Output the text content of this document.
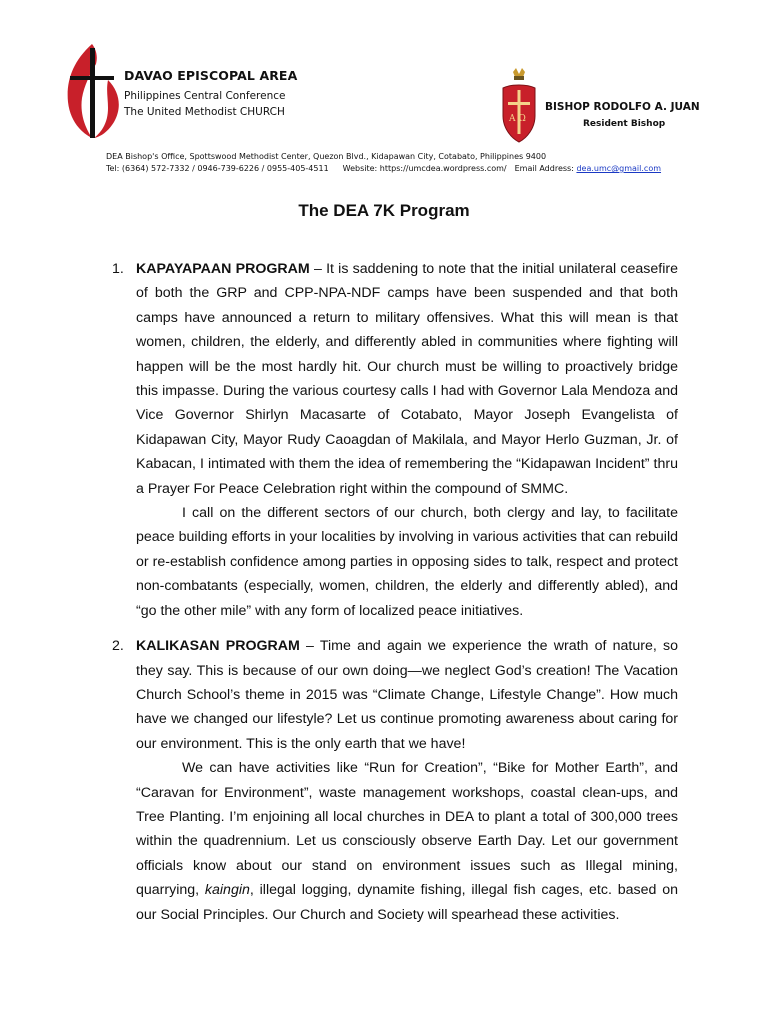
DAVAO EPISCOPAL AREA
Philippines Central Conference
The United Methodist CHURCH
A Ω
BISHOP RODOLFO A. JUAN
Resident Bishop
DEA Bishop's Office, Spottswood Methodist Center, Quezon Blvd., Kidapawan City, Cotabato, Philippines 9400
Tel: (6364) 572-7332 / 0946-739-6226 / 0955-405-4511 Website: https://umcdea.wordpress.com/ Email Address: dea.umc@gmail.com
The DEA 7K Program
1. KAPAYAPAAN PROGRAM – It is saddening to note that the initial unilateral ceasefire of both the GRP and CPP-NPA-NDF camps have been suspended and that both camps have announced a return to military offensives. What this will mean is that women, children, the elderly, and differently abled in communities where fighting will happen will be the most hardly hit. Our church must be willing to proactively bridge this impasse. During the various courtesy calls I had with Governor Lala Mendoza and Vice Governor Shirlyn Macasarte of Cotabato, Mayor Joseph Evangelista of Kidapawan City, Mayor Rudy Caoagdan of Makilala, and Mayor Herlo Guzman, Jr. of Kabacan, I intimated with them the idea of remembering the “Kidapawan Incident” thru a Prayer For Peace Celebration right within the compound of SMMC.

I call on the different sectors of our church, both clergy and lay, to facilitate peace building efforts in your localities by involving in various activities that can rebuild or re-establish confidence among parties in opposing sides to talk, respect and protect non-combatants (especially, women, children, the elderly and differently abled), and “go the other mile” with any form of localized peace initiatives.

2. KALIKASAN PROGRAM – Time and again we experience the wrath of nature, so they say. This is because of our own doing—we neglect God’s creation! The Vacation Church School’s theme in 2015 was “Climate Change, Lifestyle Change”. How much have we changed our lifestyle? Let us continue promoting awareness about caring for our environment. This is the only earth that we have!

We can have activities like “Run for Creation”, “Bike for Mother Earth”, and “Caravan for Environment”, waste management workshops, coastal clean-ups, and Tree Planting. I’m enjoining all local churches in DEA to plant a total of 300,000 trees within the quadrennium. Let us consciously observe Earth Day. Let our government officials know about our stand on environment issues such as Illegal mining, quarrying, kaingin, illegal logging, dynamite fishing, illegal fish cages, etc. based on our Social Principles. Our Church and Society will spearhead these activities.
